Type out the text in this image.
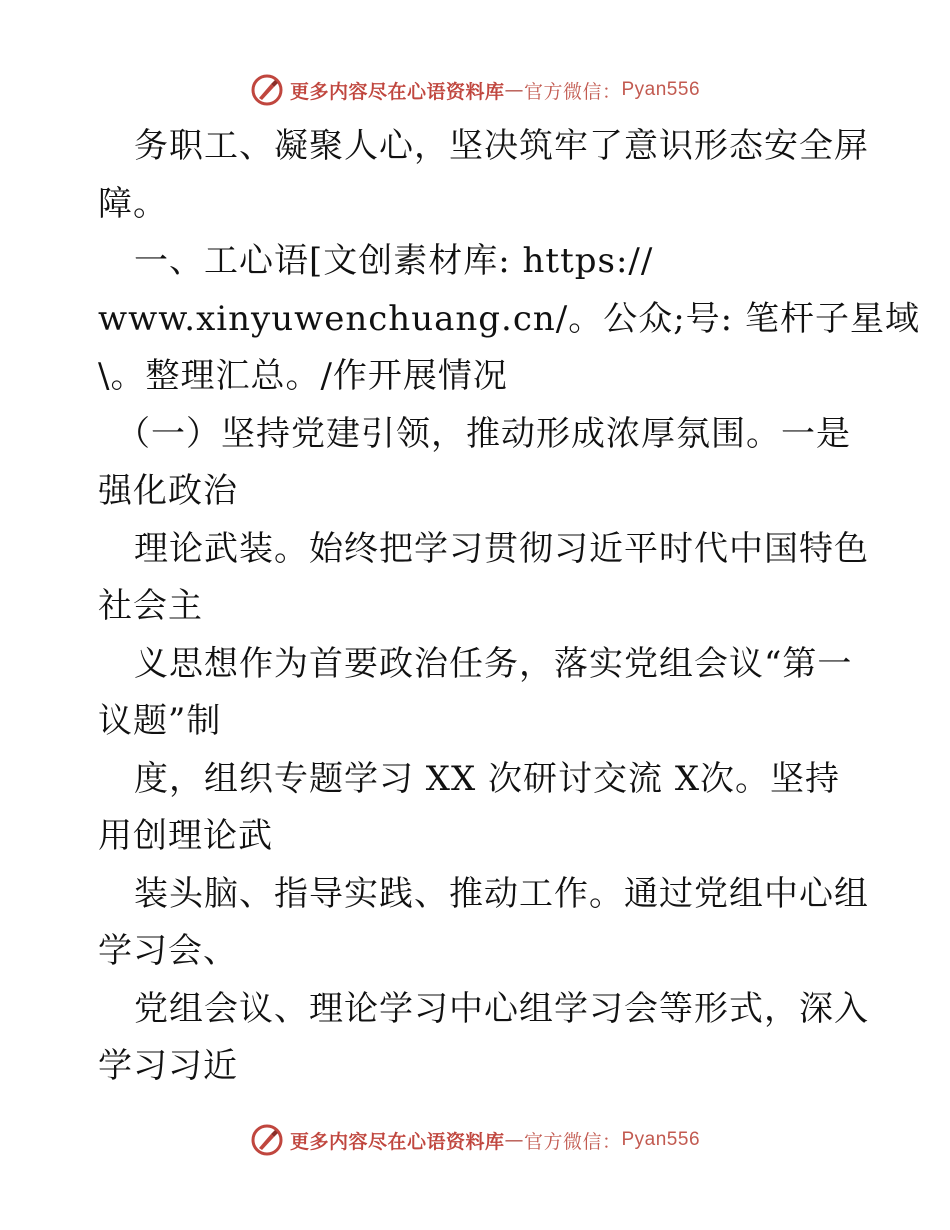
更多内容尽在心语资料库 — 官方微信： Pyan556
务职工、凝聚人心，坚决筑牢了意识形态安全屏
障。
一、工心语[文创素材库: https://
www.xinyuwenchuang.cn/。公众;号: 笔杆子星域
\。整理汇总。/作开展情况
（一）坚持党建引领，推动形成浓厚氛围。一是
强化政治
理论武装。始终把学习贯彻习近平时代中国特色
社会主
义思想作为首要政治任务，落实党组会议“第一
议题”制
度，组织专题学习 XX 次研讨交流 X次。坚持
用创理论武
装头脑、指导实践、推动工作。通过党组中心组
学习会、
党组会议、理论学习中心组学习会等形式，深入
学习习近
更多内容尽在心语资料库 — 官方微信： Pyan556
